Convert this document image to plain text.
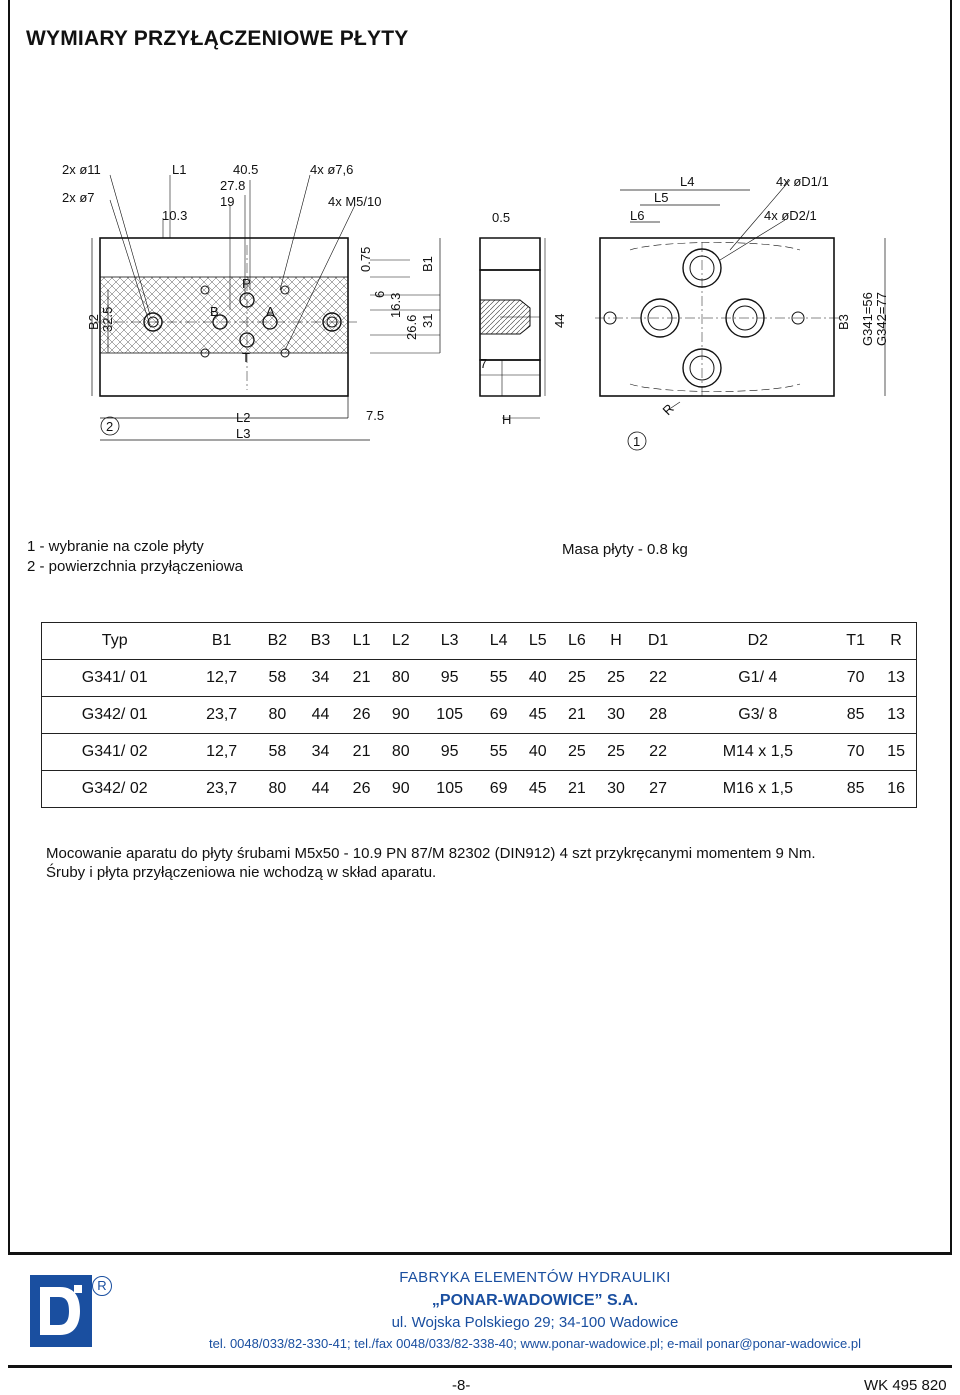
WYMIARY PRZYŁĄCZENIOWE PŁYTY
2x ø11
2x ø7
L1
10.3
40.5
27.8
19
4x ø7,6
4x M5/10
0.75
6 16.3
26.6 31
B1
B2 32.5
P
B	A
T
L3
L2	7.5
2
0.5
44
7
H
L4
L5
L6
4x øD1/1
4x øD2/1
B3 G341=56 G342=77
R
1
1 - wybranie na czole płyty
2 - powierzchnia przyłączeniowa
Masa płyty - 0.8 kg
Typ	B1	B2	B3	L1	L2	L3	L4	L5	L6	H	D1	D2	T1	R
G341/ 01	12,7	58	34	21	80	95	55	40	25	25	22	G1/ 4	70	13
G342/ 01	23,7	80	44	26	90	105	69	45	21	30	28	G3/ 8	85	13
G341/ 02	12,7	58	34	21	80	95	55	40	25	25	22	M14 x 1,5	70	15
G342/ 02	23,7	80	44	26	90	105	69	45	21	30	27	M16 x 1,5	85	16
Mocowanie aparatu do płyty śrubami M5x50 - 10.9 PN 87/M 82302 (DIN912) 4 szt przykręcanymi momentem 9 Nm.
Śruby i płyta przyłączeniowa nie wchodzą w skład aparatu.
R	FABRYKA ELEMENTÓW HYDRAULIKI
„PONAR-WADOWICE” S.A.
ul. Wojska Polskiego 29; 34-100 Wadowice
tel. 0048/033/82-330-41; tel./fax 0048/033/82-338-40; www.ponar-wadowice.pl; e-mail ponar@ponar-wadowice.pl
-8-	WK 495 820
